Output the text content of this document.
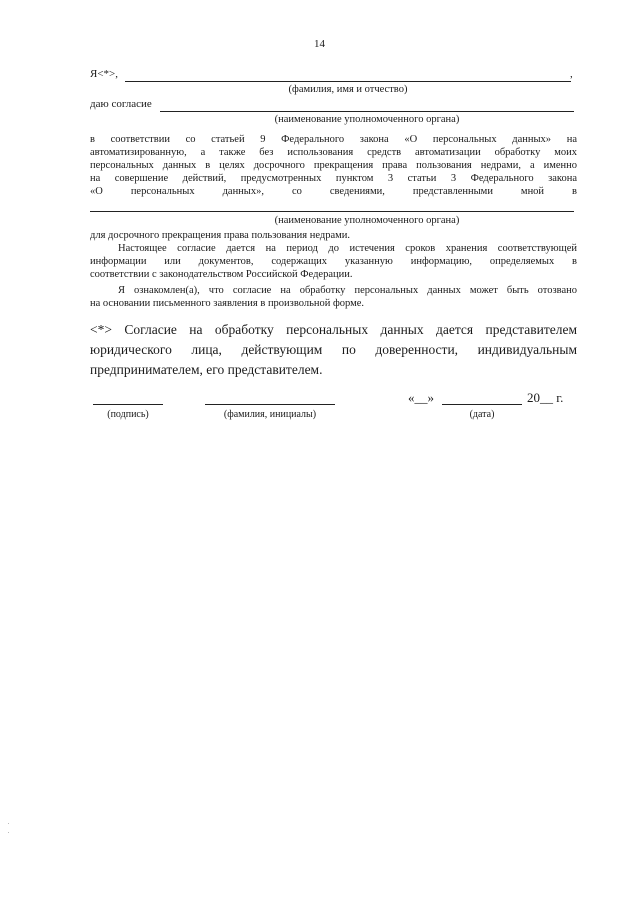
14
Я<*>,	,
(фамилия, имя и отчество)
даю согласие
(наименование уполномоченного органа)
в соответствии со статьей 9 Федерального закона «О персональных данных» на
автоматизированную, а также без использования средств автоматизации обработку моих
персональных данных в целях досрочного прекращения права пользования недрами, а именно
на совершение действий, предусмотренных пунктом 3 статьи 3 Федерального закона
«О персональных данных», со сведениями, представленными мной в
(наименование уполномоченного органа)
для досрочного прекращения права пользования недрами.
Настоящее согласие дается на период до истечения сроков хранения соответствующей
информации или документов, содержащих указанную информацию, определяемых в
соответствии с законодательством Российской Федерации.
Я ознакомлен(а), что согласие на обработку персональных данных может быть отозвано
на основании письменного заявления в произвольной форме.
<*> Согласие на обработку персональных данных дается представителем
юридического лица, действующим по доверенности, индивидуальным
предпринимателем, его представителем.
(подпись)	(фамилия, инициалы)
«__»	20__ г.
(дата)
